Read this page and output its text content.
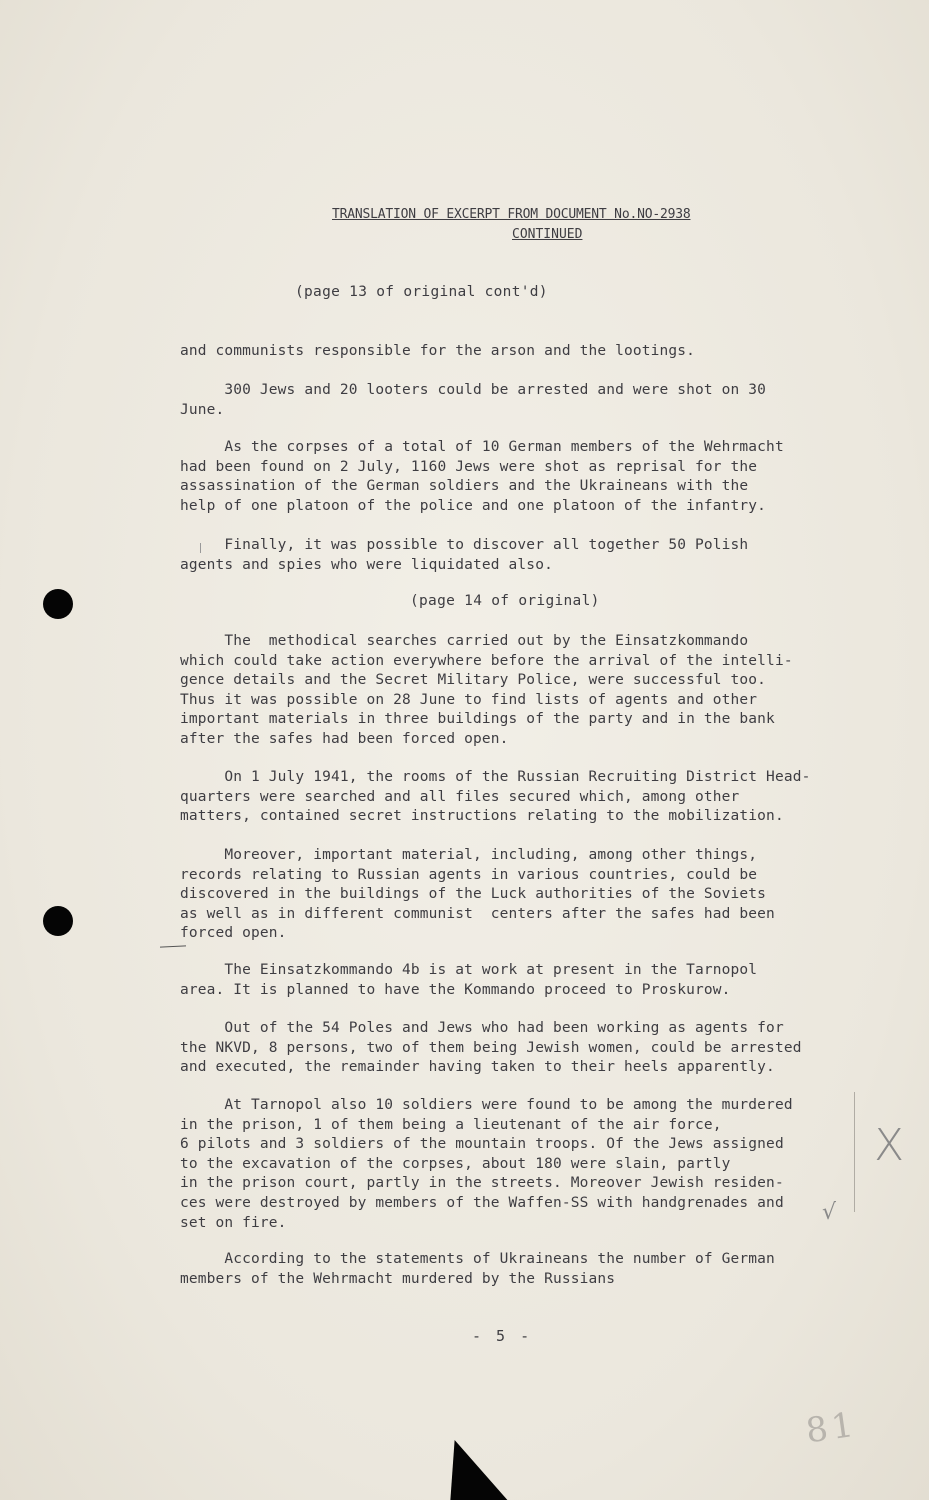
TRANSLATION OF EXCERPT FROM DOCUMENT No.NO-2938
CONTINUED
(page 13 of original cont'd)
and communists responsible for the arson and the lootings.
300 Jews and 20 looters could be arrested and were shot on 30
June.
As the corpses of a total of 10 German members of the Wehrmacht
had been found on 2 July, 1160 Jews were shot as reprisal for the
assassination of the German soldiers and the Ukraineans with the
help of one platoon of the police and one platoon of the infantry.
Finally, it was possible to discover all together 50 Polish
agents and spies who were liquidated also.
(page 14 of original)
The  methodical searches carried out by the Einsatzkommando
which could take action everywhere before the arrival of the intelli-
gence details and the Secret Military Police, were successful too.
Thus it was possible on 28 June to find lists of agents and other
important materials in three buildings of the party and in the bank
after the safes had been forced open.
On 1 July 1941, the rooms of the Russian Recruiting District Head-
quarters were searched and all files secured which, among other
matters, contained secret instructions relating to the mobilization.
Moreover, important material, including, among other things,
records relating to Russian agents in various countries, could be
discovered in the buildings of the Luck authorities of the Soviets
as well as in different communist  centers after the safes had been
forced open.
The Einsatzkommando 4b is at work at present in the Tarnopol
area. It is planned to have the Kommando proceed to Proskurow.
Out of the 54 Poles and Jews who had been working as agents for
the NKVD, 8 persons, two of them being Jewish women, could be arrested
and executed, the remainder having taken to their heels apparently.
At Tarnopol also 10 soldiers were found to be among the murdered
in the prison, 1 of them being a lieutenant of the air force,
6 pilots and 3 soldiers of the mountain troops. Of the Jews assigned
to the excavation of the corpses, about 180 were slain, partly
in the prison court, partly in the streets. Moreover Jewish residen-
ces were destroyed by members of the Waffen-SS with handgrenades and
set on fire.
X
√
According to the statements of Ukraineans the number of German
members of the Wehrmacht murdered by the Russians
- 5 -
81
